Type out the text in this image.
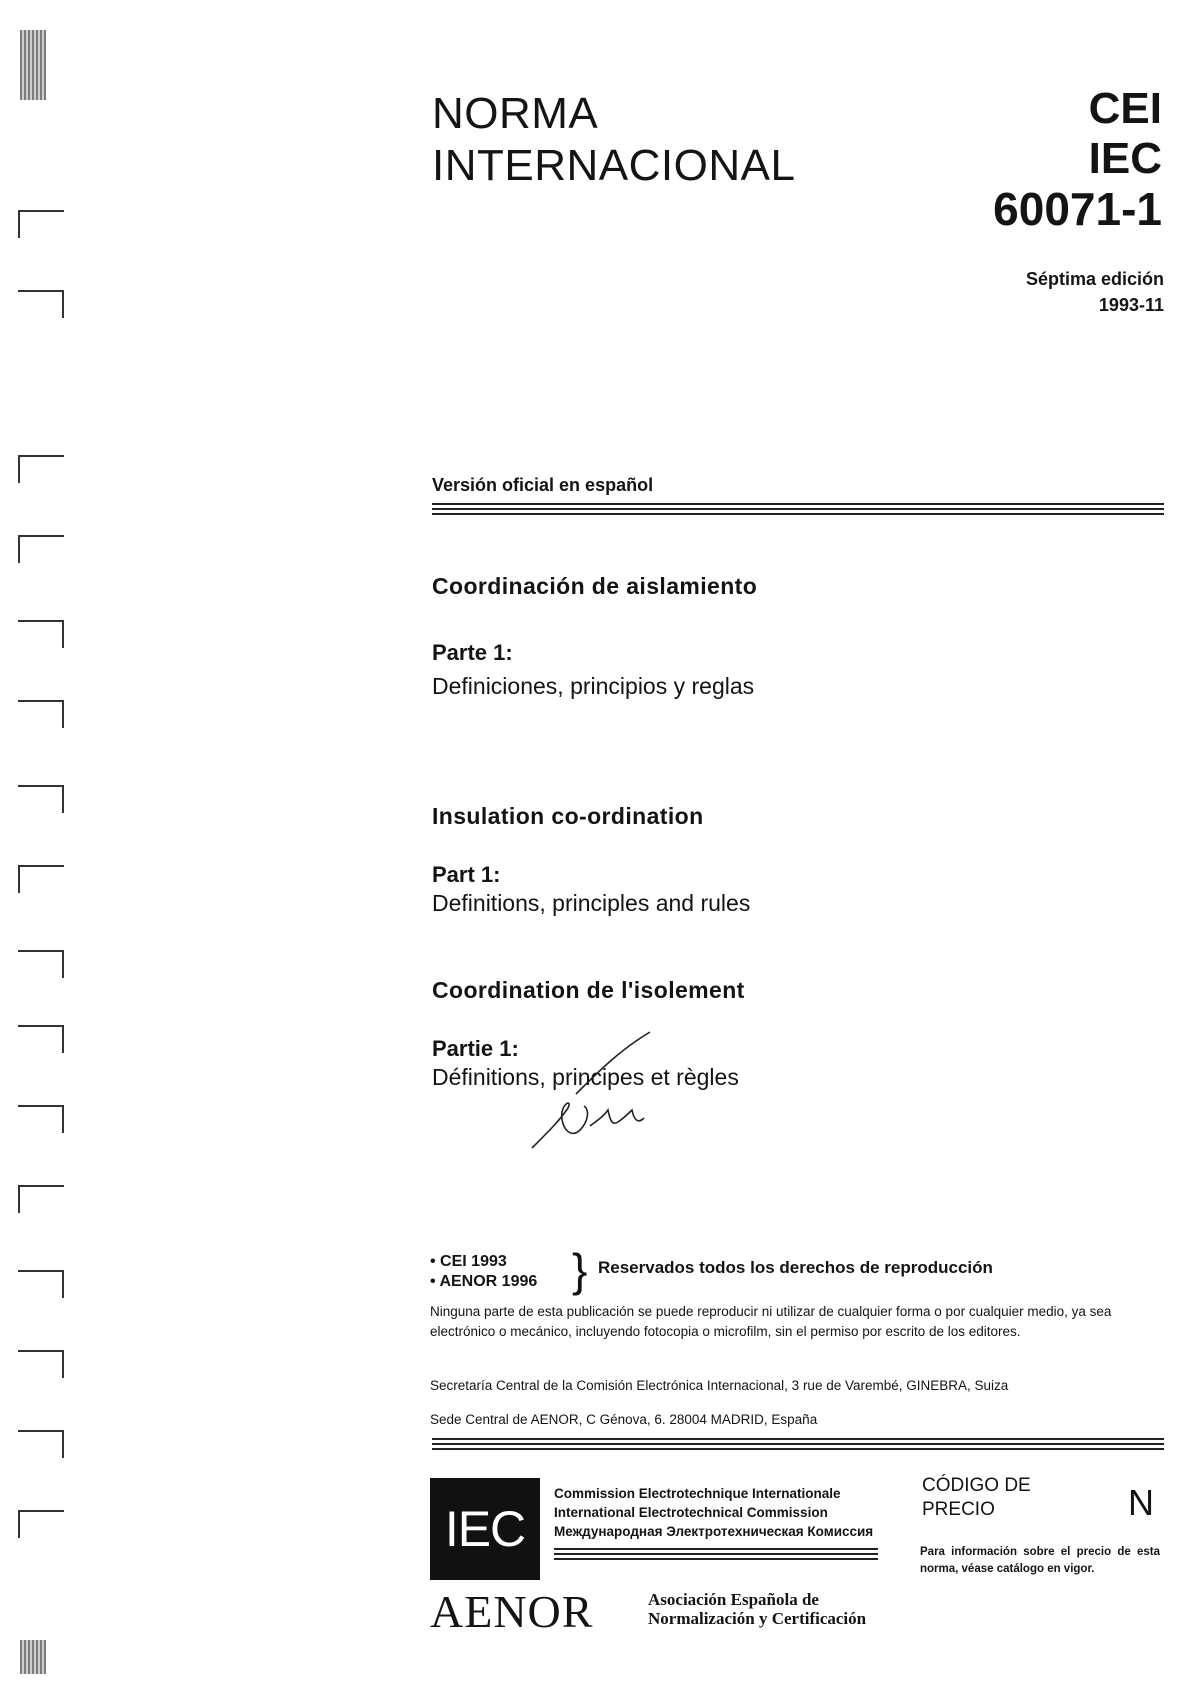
NORMA
INTERNACIONAL
CEI
IEC
60071-1
Séptima edición
1993-11
Versión oficial en español
Coordinación de aislamiento
Parte 1:
Definiciones, principios y reglas
Insulation co-ordination
Part 1:
Definitions, principles and rules
Coordination de l'isolement
Partie 1:
Définitions, principes et règles
• CEI 1993
• AENOR 1996 } Reservados todos los derechos de reproducción
Ninguna parte de esta publicación se puede reproducir ni utilizar de cualquier forma o por cualquier medio, ya sea electrónico o mecánico, incluyendo fotocopia o microfilm, sin el permiso por escrito de los editores.
Secretaría Central de la Comisión Electrónica Internacional, 3 rue de Varembé, GINEBRA, Suiza
Sede Central de AENOR, C Génova, 6. 28004 MADRID, España
IEC
Commission Electrotechnique Internationale
International Electrotechnical Commission
Международная Электротехническая Комиссия
AENOR	Asociación Española de
Normalización y Certificación
CÓDIGO DE
PRECIO	N
Para información sobre el precio de esta norma, véase catálogo en vigor.
